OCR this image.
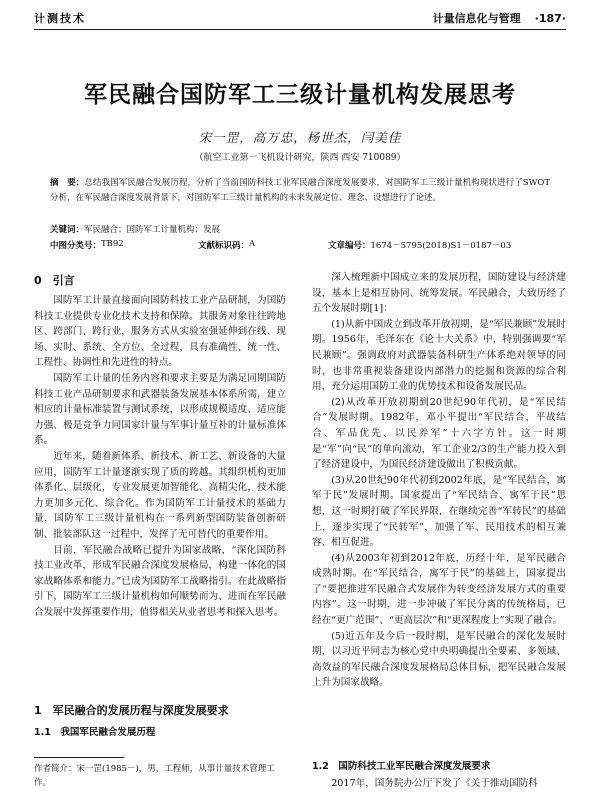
计测技术	计量信息化与管理 ·187·
军民融合国防军工三级计量机构发展思考
宋一罡，高万忠，杨世杰，闫美佳
（航空工业第一飞机设计研究，陕西 西安 710089）
摘　要：总结我国军民融合发展历程，分析了当前国防科技工业军民融合深度发展要求，对国防军工三级计量机构现状进行了SWOT分析，在军民融合深度发展背景下，对国防军工三级计量机构的未来发展定位、理念、设想进行了论述。
关键词：军民融合；国防军工计量机构；发展
中图分类号： TB92	文献标识码： A	文章编号： 1674－5795(2018)S1－0187－03
0　引言

国防军工计量直接面向国防科技工业产品研制，为国防科技工业提供专业化技术支持和保障。其服务对象往往跨地区、跨部门、跨行业，服务方式从实验室强延伸到在线、现场、实时、系统、全方位、全过程，具有准确性、统一性、工程性、协调性和先进性的特点。

国防军工计量的任务内容和要求主要是为满足同期国防科技工业产品研制要求和武器装备发展基本体系所需，建立相应的计量标准装置与测试系统，以形成规模适度、适应能力强、极是竞争力同国家计量与军事计量互补的计量标准体系。

近年来，随着新体系、新技术、新工艺、新设备的大量应用，国防军工计量逐渐实现了质的跨越。其组织机构更加体系化、层级化，专业发展更加智能化、高精尖化，技术能力更加多元化、综合化。作为国防军工计量技术的基础力量，国防军工三级计量机构在一系列新型国防装备创新研制、批装部队这一过程中，发挥了无可替代的重要作用。

目前，军民融合战略已提升为国家战略，“深化国防科技工业改革，形成军民融合深度发展格局，构建一体化的国家战略体系和能力。”已成为国防军工战略指引。在此战略指引下，国防军工三级计量机构如何顺势而为、进而在军民融合发展中发挥重要作用，值得相关从业者思考和探入思考。

1　军民融合的发展历程与深度发展要求
1.1　我国军民融合发展历程
作者简介：宋一罡(1985－)，男，工程师，从事计量技术管理工作。

深入梳理新中国成立来的发展历程，国防建设与经济建设，基本上是相互协同、统筹发展。军民融合，大致历经了五个发展时期[1]：

(1)从新中国成立到改革开放初期，是“军民兼顾”发展时期。1956年，毛泽东在《论十大关系》中，特别强调要“军民兼顾”。强调政府对武器装备科研生产体系绝对领导的同时，也非常重视装备建设内部潜力的挖掘和资源的综合利用，充分运用国防工业的优势技术和设备发展民品。

(2)从改革开放初期到20世纪90年代初，是“军民结合”发展时期。1982年，邓小平提出“军民结合、平战结合、军品优先、以民养军”十六字方针。这一时期是“军”向“民”的单向流动，军工企业2/3的生产能力投入到了经济建设中，为国民经济建设做出了积极贡献。

(3)从20世纪90年代初到2002年底，是“军民结合，寓军于民”发展时期。国家提出了“军民结合、寓军于民”思想，这一时期打破了军民界限，在继续完善“军转民”的基础上，逐步实现了“民转军”，加强了军、民用技术的相互兼容、相互促进。

(4)从2003年初到2012年底，历经十年，是军民融合成熟时期。在“军民结合，寓军于民”的基础上，国家提出了“要把推进军民融合式发展作为转变经济发展方式的重要内容”。这一时期，进一步冲破了军民分离的传统格局，已经在“更广范围”、“更高层次”和“更深程度上”实现了融合。

(5)近五年及今后一段时期，是军民融合的深化发展时期，以习近平同志为核心党中央明确提出全要素、多领域、高效益的军民融合深度发展格局总体目标，把军民融合发展上升为国家战略。

1.2　国防科技工业军民融合深度发展要求

2017年，国务院办公厅下发了《关于推动国防科
